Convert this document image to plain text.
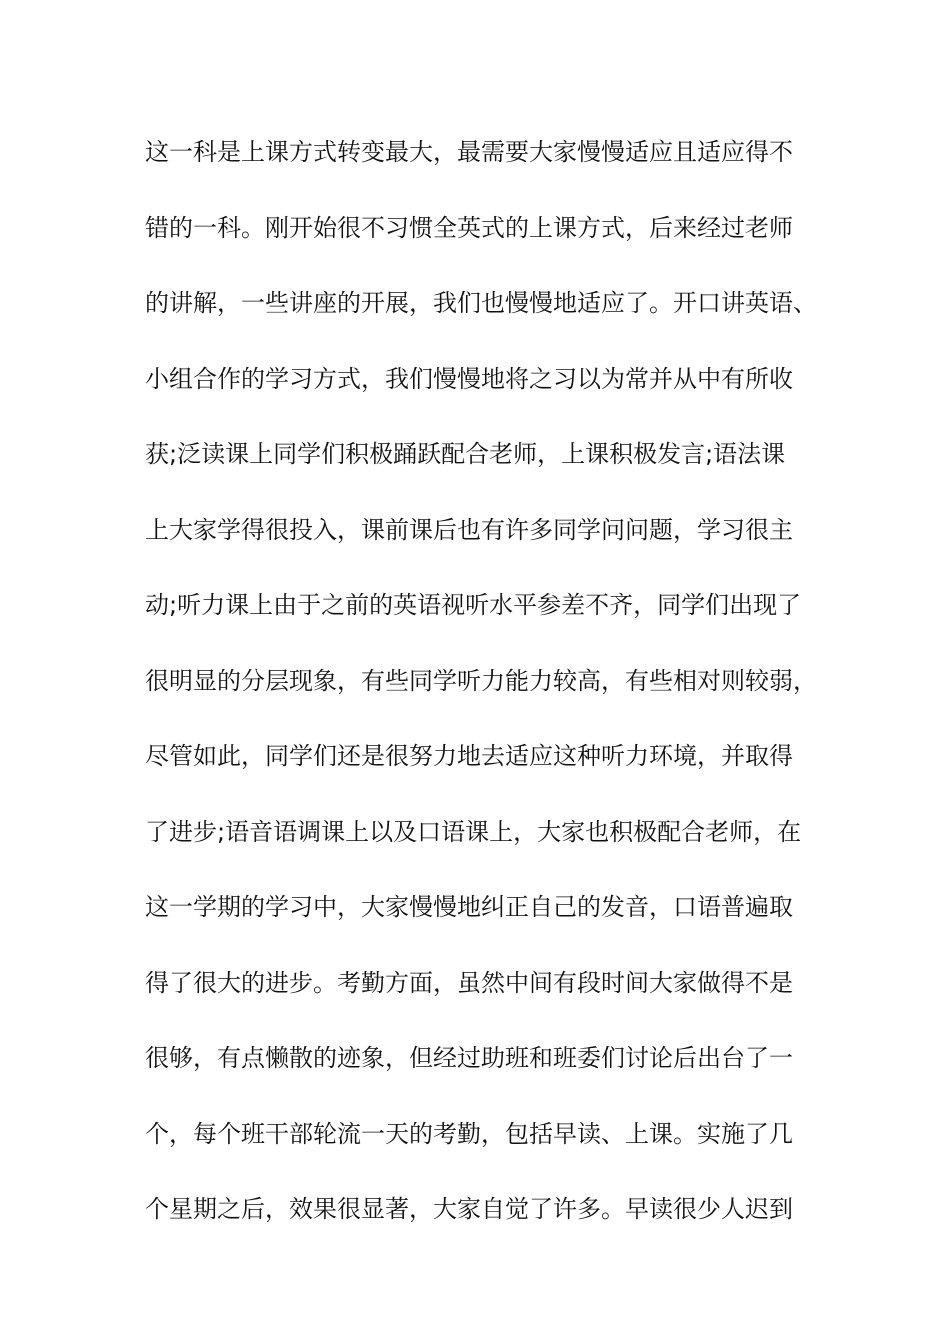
这一科是上课方式转变最大，最需要大家慢慢适应且适应得不
错的一科。刚开始很不习惯全英式的上课方式，后来经过老师
的讲解，一些讲座的开展，我们也慢慢地适应了。开口讲英语、
小组合作的学习方式，我们慢慢地将之习以为常并从中有所收
获;泛读课上同学们积极踊跃配合老师，上课积极发言;语法课
上大家学得很投入，课前课后也有许多同学问问题，学习很主
动;听力课上由于之前的英语视听水平参差不齐，同学们出现了
很明显的分层现象，有些同学听力能力较高，有些相对则较弱，
尽管如此，同学们还是很努力地去适应这种听力环境，并取得
了进步;语音语调课上以及口语课上，大家也积极配合老师，在
这一学期的学习中，大家慢慢地纠正自己的发音，口语普遍取
得了很大的进步。考勤方面，虽然中间有段时间大家做得不是
很够，有点懒散的迹象，但经过助班和班委们讨论后出台了一
个，每个班干部轮流一天的考勤，包括早读、上课。实施了几
个星期之后，效果很显著，大家自觉了许多。早读很少人迟到
